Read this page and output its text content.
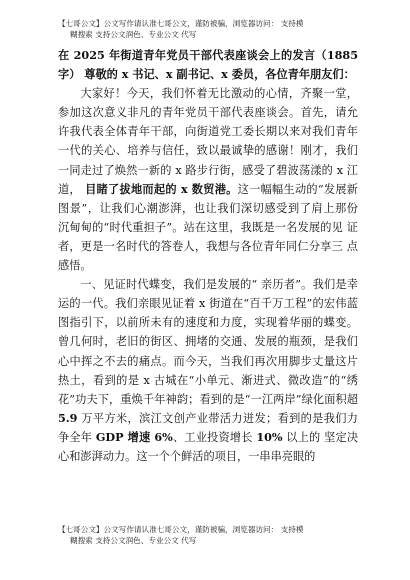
【七哥公文】公文写作请认准七哥公文，谨防被骗，浏览器访问： 支持模
糊搜索 支持公文润色、专业公文 代写

在 2025 年街道青年党员干部代表座谈会上的发言（1885字） 尊敬的 x 书记、x 副书记、x 委员，各位青年朋友们：

大家好！今天，我们怀着无比激动的心情，齐聚一堂，参加这次意义非凡的青年党员干部代表座谈会。首先，请允许我代表全体青年干部，向街道党工委长期以来对我们青年一代的关心、培养与信任，致以最诚挚的感谢！刚才，我们一同走过了焕然一新的 x 路步行街，感受了碧波荡漾的 x 江 道， 目睹了拔地而起的 x 数贸港。这一幅幅生动的“发展新 图景”，让我们心潮澎湃，也让我们深切感受到了肩上那份 沉甸甸的“时代重担子”。站在这里，我既是一名发展的见 证者，更是一名时代的答卷人，我想与各位青年同仁分享三 点感悟。

一、见证时代蝶变，我们是发展的“ 亲历者”。我们是幸运的一代。我们亲眼见证着 x 街道在“百千万工程”的宏伟蓝图指引下，以前所未有的速度和力度，实现着华丽的蝶变。曾几何时，老旧的街区、拥堵的交通、发展的瓶颈，是我们心中挥之不去的痛点。而今天，当我们再次用脚步丈量这片热土，看到的是 x 古城在“小单元、渐进式、微改造”的“绣花”功夫下，重焕千年神韵；看到的是“一江两岸”绿化面积超 5.9 万平方米，滨江文创产业带活力迸发；看到的是我们力争全年 GDP 增速 6%、工业投资增长 10% 以上的 坚定决心和澎湃动力。这一个个鲜活的项目，一串串亮眼的

【七哥公文】公文写作请认准七哥公文，谨防被骗，浏览器访问： 支持模
糊搜索 支持公文润色、专业公文 代写
